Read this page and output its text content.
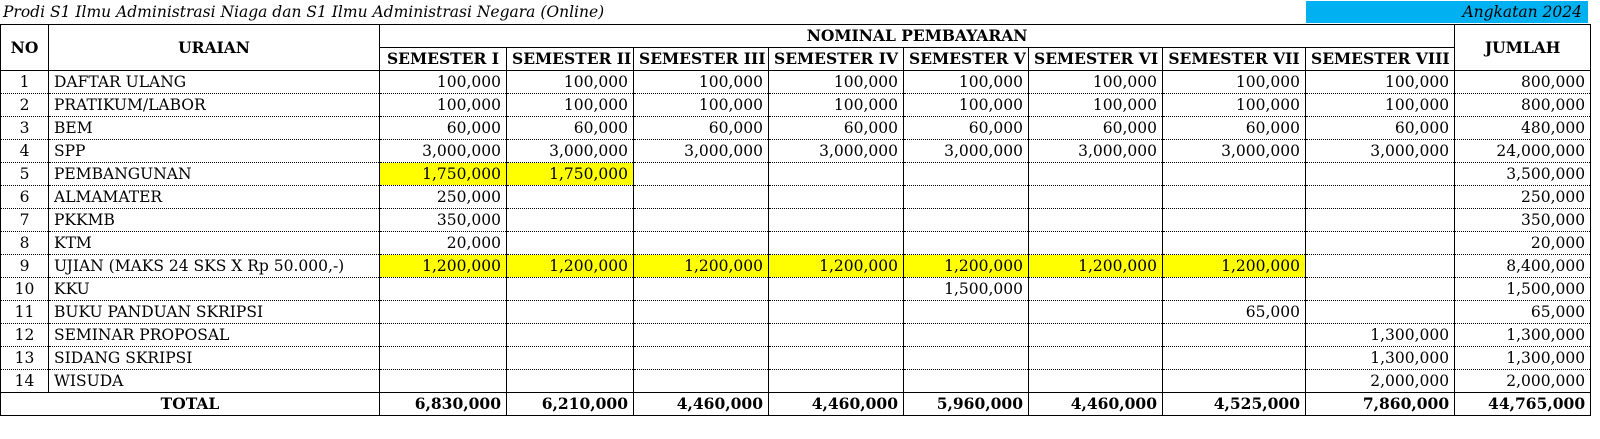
Prodi S1 Ilmu Administrasi Niaga dan S1 Ilmu Administrasi Negara (Online)	Angkatan 2024
NO	URAIAN	NOMINAL PEMBAYARAN								JUMLAH
		SEMESTER I	SEMESTER II	SEMESTER III	SEMESTER IV	SEMESTER V	SEMESTER VI	SEMESTER VII	SEMESTER VIII	
1	DAFTAR ULANG	100,000	100,000	100,000	100,000	100,000	100,000	100,000	100,000	800,000
2	PRATIKUM/LABOR	100,000	100,000	100,000	100,000	100,000	100,000	100,000	100,000	800,000
3	BEM	60,000	60,000	60,000	60,000	60,000	60,000	60,000	60,000	480,000
4	SPP	3,000,000	3,000,000	3,000,000	3,000,000	3,000,000	3,000,000	3,000,000	3,000,000	24,000,000
5	PEMBANGUNAN	1,750,000	1,750,000							3,500,000
6	ALMAMATER	250,000								250,000
7	PKKMB	350,000								350,000
8	KTM	20,000								20,000
9	UJIAN (MAKS 24 SKS X Rp 50.000,-)	1,200,000	1,200,000	1,200,000	1,200,000	1,200,000	1,200,000	1,200,000		8,400,000
10	KKU					1,500,000				1,500,000
11	BUKU PANDUAN SKRIPSI							65,000		65,000
12	SEMINAR PROPOSAL								1,300,000	1,300,000
13	SIDANG SKRIPSI								1,300,000	1,300,000
14	WISUDA								2,000,000	2,000,000
TOTAL		6,830,000	6,210,000	4,460,000	4,460,000	5,960,000	4,460,000	4,525,000	7,860,000	44,765,000
